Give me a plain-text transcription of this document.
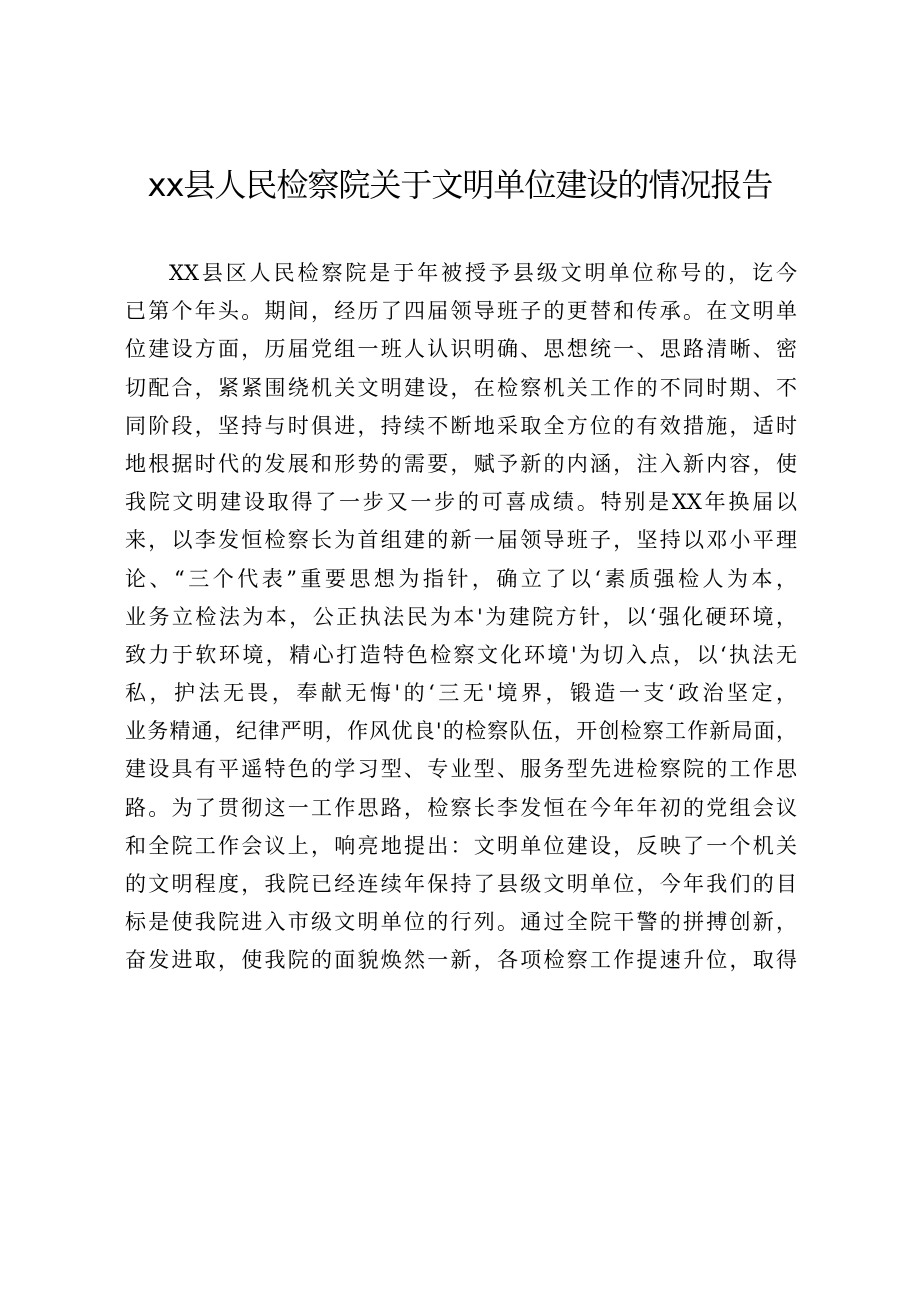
xx县人民检察院关于文明单位建设的情况报告
XX县区人民检察院是于年被授予县级文明单位称号的，讫今
已第个年头。期间，经历了四届领导班子的更替和传承。在文明单
位建设方面，历届党组一班人认识明确、思想统一、思路清晰、密
切配合，紧紧围绕机关文明建设，在检察机关工作的不同时期、不
同阶段，坚持与时俱进，持续不断地采取全方位的有效措施，适时
地根据时代的发展和形势的需要，赋予新的内涵，注入新内容，使
我院文明建设取得了一步又一步的可喜成绩。特别是XX年换届以
来，以李发恒检察长为首组建的新一届领导班子，坚持以邓小平理
论、“三个代表”重要思想为指针，确立了以‘素质强检人为本，
业务立检法为本，公正执法民为本'为建院方针，以‘强化硬环境，
致力于软环境，精心打造特色检察文化环境'为切入点，以‘执法无
私，护法无畏，奉献无悔'的‘三无'境界，锻造一支‘政治坚定，
业务精通，纪律严明，作风优良'的检察队伍，开创检察工作新局面，
建设具有平遥特色的学习型、专业型、服务型先进检察院的工作思
路。为了贯彻这一工作思路，检察长李发恒在今年年初的党组会议
和全院工作会议上，响亮地提出：文明单位建设，反映了一个机关
的文明程度，我院已经连续年保持了县级文明单位，今年我们的目
标是使我院进入市级文明单位的行列。通过全院干警的拼搏创新，
奋发进取，使我院的面貌焕然一新，各项检察工作提速升位，取得
